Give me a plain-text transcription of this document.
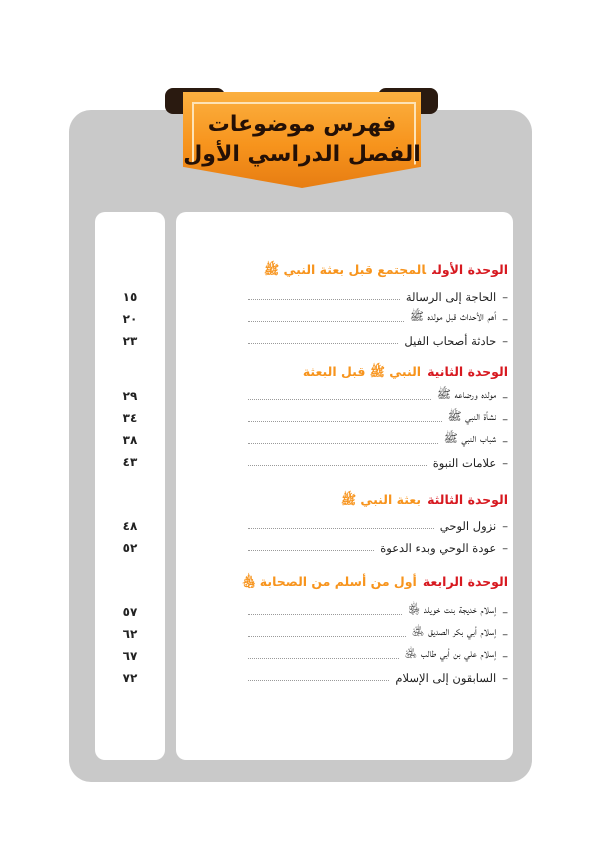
فهرس موضوعات
الفصل الدراسي الأول
الوحدة الأولىالمجتمع قبل بعثة النبي ﷺ
–
الحاجة إلى الرسالة
١٥
–
أهم الأحداث قبل مولده ﷺ
٢٠
–
حادثة أصحاب الفيل
٢٣
الوحدة الثانيةالنبي ﷺ قبل البعثة
–
مولده ورضاعه ﷺ
٢٩
–
نشأة النبي ﷺ
٣٤
–
شباب النبي ﷺ
٣٨
–
علامات النبوة
٤٣
الوحدة الثالثةبعثة النبي ﷺ
–
نزول الوحي
٤٨
–
عودة الوحي وبدء الدعوة
٥٢
الوحدة الرابعةأول من أسلم من الصحابة ﵃
–
إسلام خديجة بنت خويلد ﵂
٥٧
–
إسلام أبي بكر الصديق ﵁
٦٢
–
إسلام علي بن أبي طالب ﵁
٦٧
–
السابقون إلى الإسلام
٧٢
